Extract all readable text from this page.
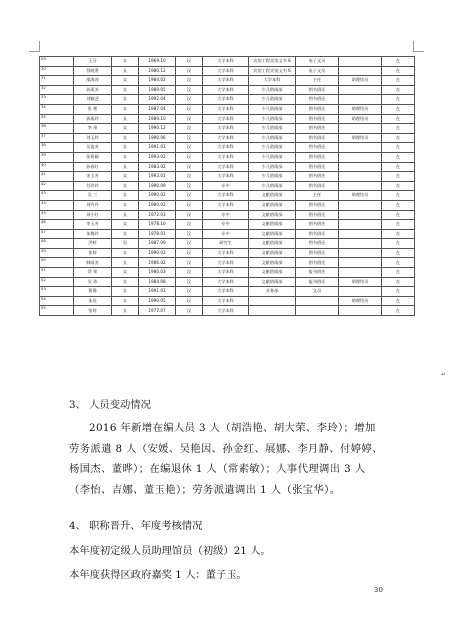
29	王芬	女	1969.10	汉	大学本科	宾馆工程宾馆文书 6	电子文员		在
30	蔡晓菁	女	1980.12	汉	大学本科	宾馆工程宾馆文书 6	电子文员		在
31	邵海涛	女	1984.02	汉	大学本科	大学本科	主任	助理馆员	在
32	孙燕芳	女	1989.05	汉	大学本科	少儿借阅部	图书借还		在
33	刘颖芝	女	1992.04	汉	大学本科	少儿借阅部	图书借还		在
34	张 艳	女	1987.04	汉	大学本科	少儿借阅部	图书借还	助理馆员	在
35	郭燕玲	女	1989.10	汉	大学本科	少儿借阅部	图书借还	助理馆员	在
36	李 琼	女	1990.12	汉	大学本科	少儿借阅部	图书借还		在
37	刘玉玲	女	1990.06	汉	大学本科	少儿借阅部	图书借还	助理馆员	在
38	吴姿芳	女	1991.01	汉	大学本科	少儿借阅部	图书借还		在
39	张莉颖	女	1993.02	汉	大学本科	少儿借阅部	图书借还		在
40	孙春红	女	1983.02	汉	大学本科	少儿借阅部	图书借还		在
41	宋玉芳	女	1993.01	汉	大学本科	少儿借阅部	图书借还		在
42	付玲玲	女	1990.09	汉	专中	少儿借阅部	图书借还		在
43	吴 三	女	1990.02	汉	大学本科	文献借阅部	主任	助理馆员	在
44	刘丹丹	女	1980.02	汉	大学本科	文献借阅部	图书借还		在
45	刘小红	女	1972.03	汉	专中	文献借阅部	图书借还		在
46	李玉芳	女	1978.10	汉	专中	文献借阅部	图书借还		在
47	朱梅玲	女	1978.01	汉	专中	文献借阅部	图书借还		在
48	洪辉	男	1987.09	汉	研究生	文献借阅部	图书借还		在
49	张婷	女	1990.03	汉	大学本科	文献借阅部	图书借还		在
50	韩雨芳	女	1986.02	汉	大学本科	文献借阅部	图书借还		在
51	蔡 荣	女	1980.03	汉	大学本科	文献借阅部	报刊借还		在
52	吴 玮	女	1984.08	汉	大学本科	文献借阅部	报刊借还	助理馆员	在
53	曹静	女	1991.01	汉	大学本科	业务部	文员		在
54	朱佳	女	1990.05	汉	大学本科			助理馆员	在
55	张婷	女	1977.07	汉	大学本科				在
↵
3、 人员变动情况
2016 年新增在编人员 3 人（胡浩艳、胡大荣、李玲）；增加劳务派遣 8 人（安媛、吴艳因、孙金红、展娜、李月静、付婷婷、杨国杰、董晔）；在编退休 1 人（常素敏）；人事代理调出 3 人（李怡、吉娜、董玉艳）；劳务派遣调出 1 人（张宝华）。
4、 职称晋升、年度考核情况
本年度初定级人员助理馆员（初级）21 人。
本年度获得区政府嘉奖 1 人：董子玉。
30
